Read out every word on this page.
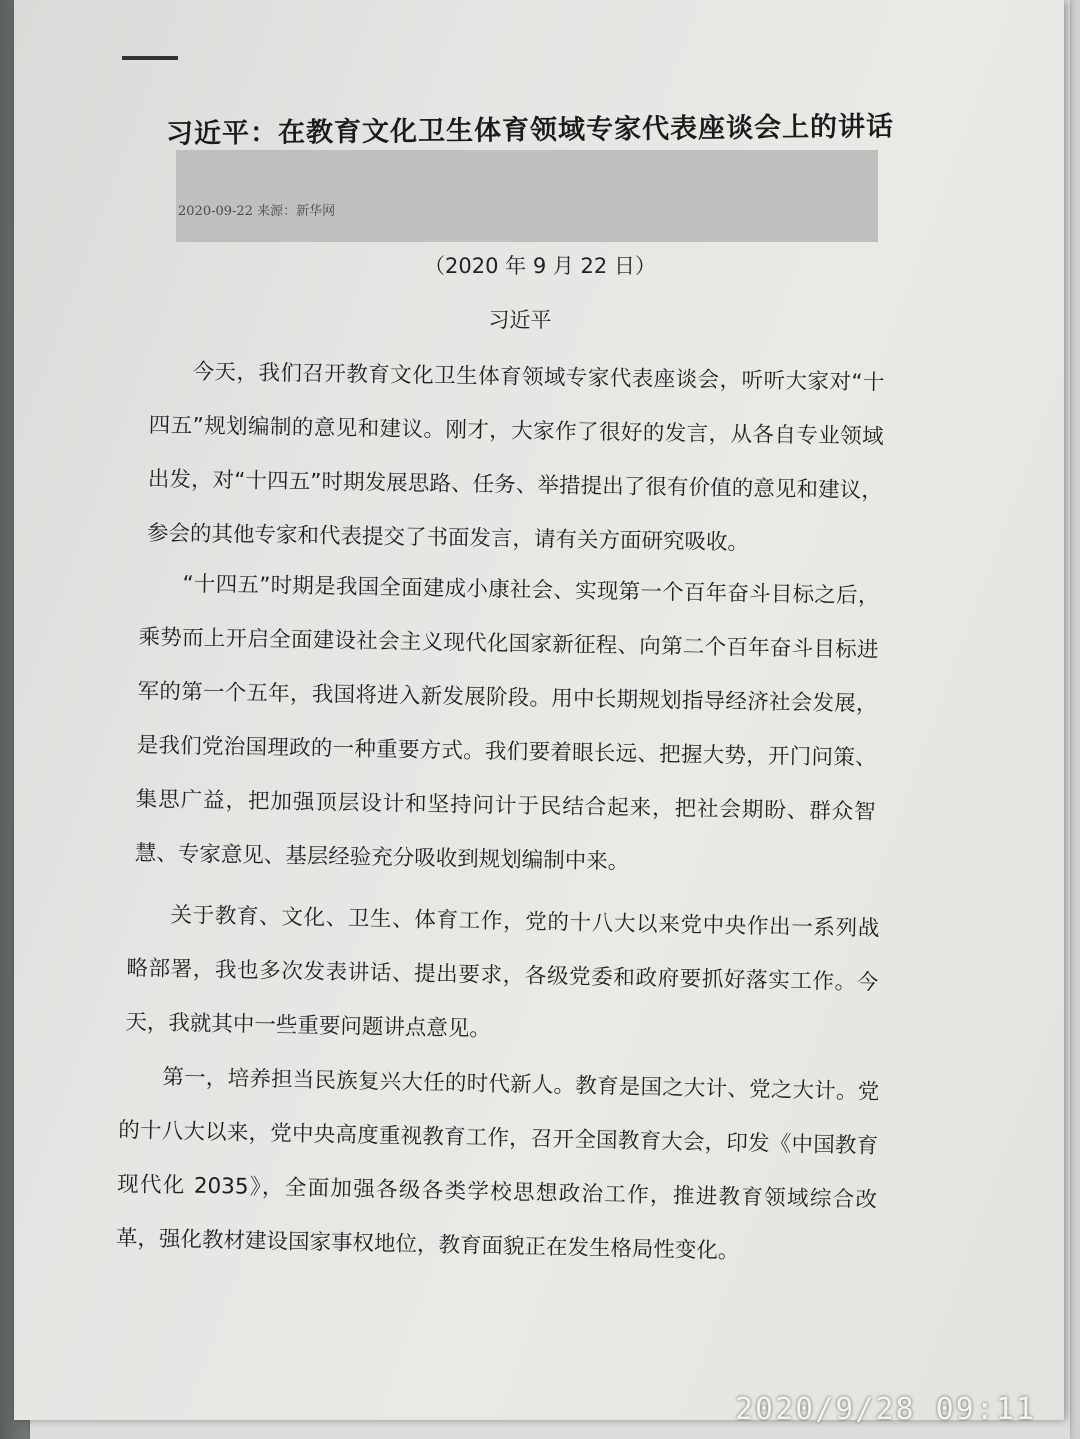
习近平：在教育文化卫生体育领域专家代表座谈会上的讲话
2020-09-22 来源：新华网
（2020 年 9 月 22 日）
习近平
今天，我们召开教育文化卫生体育领域专家代表座谈会，听听大家对“十四五”规划编制的意见和建议。刚才，大家作了很好的发言，从各自专业领域出发，对“十四五”时期发展思路、任务、举措提出了很有价值的意见和建议，参会的其他专家和代表提交了书面发言，请有关方面研究吸收。
“十四五”时期是我国全面建成小康社会、实现第一个百年奋斗目标之后，乘势而上开启全面建设社会主义现代化国家新征程、向第二个百年奋斗目标进军的第一个五年，我国将进入新发展阶段。用中长期规划指导经济社会发展，是我们党治国理政的一种重要方式。我们要着眼长远、把握大势，开门问策、集思广益，把加强顶层设计和坚持问计于民结合起来，把社会期盼、群众智慧、专家意见、基层经验充分吸收到规划编制中来。
关于教育、文化、卫生、体育工作，党的十八大以来党中央作出一系列战略部署，我也多次发表讲话、提出要求，各级党委和政府要抓好落实工作。今天，我就其中一些重要问题讲点意见。
第一，培养担当民族复兴大任的时代新人。教育是国之大计、党之大计。党的十八大以来，党中央高度重视教育工作，召开全国教育大会，印发《中国教育现代化 2035》，全面加强各级各类学校思想政治工作，推进教育领域综合改革，强化教材建设国家事权地位，教育面貌正在发生格局性变化。
2020/9/28 09:11
